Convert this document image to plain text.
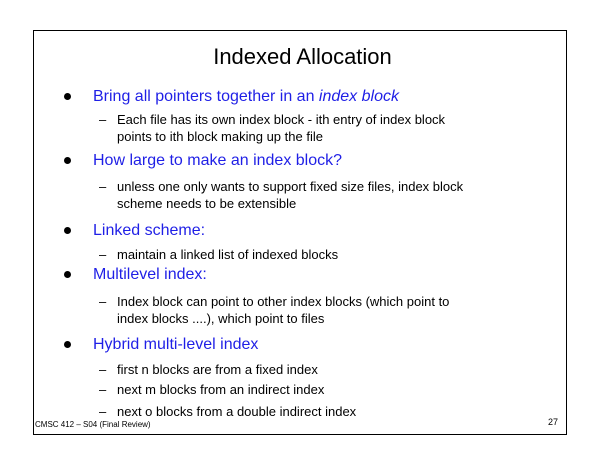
Indexed Allocation
Bring all pointers together in an index block
– Each file has its own index block - ith entry of index block
points to ith block making up the file
How large to make an index block?
– unless one only wants to support fixed size files, index block
scheme needs to be extensible
Linked scheme:
– maintain a linked list of indexed blocks
Multilevel index:
– Index block can point to other index blocks (which point to
index blocks ....), which point to files
Hybrid multi-level index
– first n blocks are from a fixed index
– next m blocks from an indirect index
– next o blocks from a double indirect index
CMSC 412 – S04 (Final Review)	27
